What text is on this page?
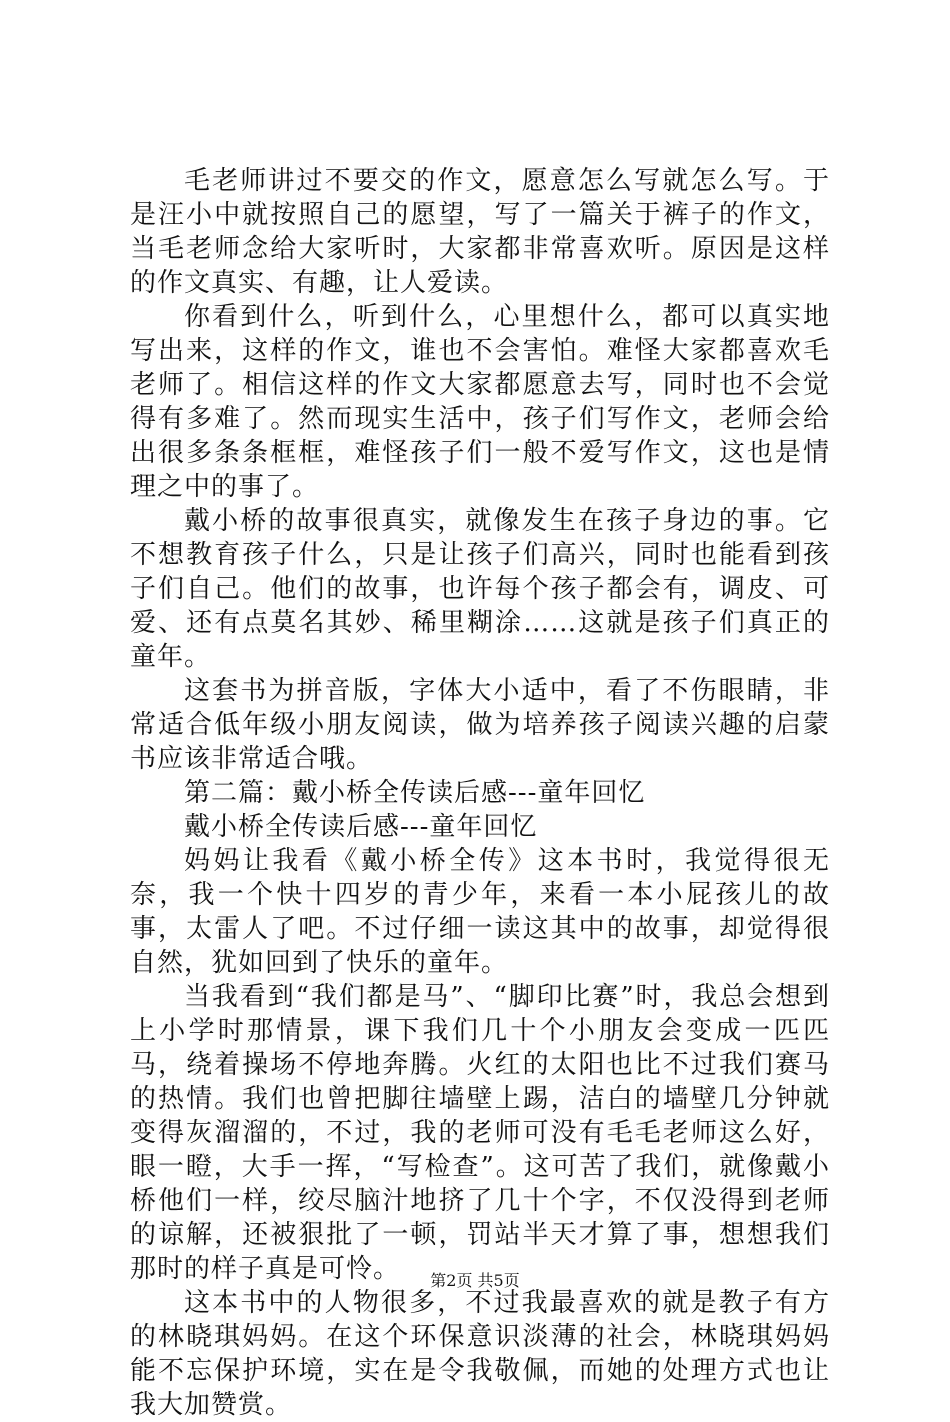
毛老师讲过不要交的作文，愿意怎么写就怎么写。于是汪小中就按照自己的愿望，写了一篇关于裤子的作文，当毛老师念给大家听时，大家都非常喜欢听。原因是这样的作文真实、有趣，让人爱读。

你看到什么，听到什么，心里想什么，都可以真实地写出来，这样的作文，谁也不会害怕。难怪大家都喜欢毛老师了。相信这样的作文大家都愿意去写，同时也不会觉得有多难了。然而现实生活中，孩子们写作文，老师会给出很多条条框框，难怪孩子们一般不爱写作文，这也是情理之中的事了。

戴小桥的故事很真实，就像发生在孩子身边的事。它不想教育孩子什么，只是让孩子们高兴，同时也能看到孩子们自己。他们的故事，也许每个孩子都会有，调皮、可爱、还有点莫名其妙、稀里糊涂……这就是孩子们真正的童年。

这套书为拼音版，字体大小适中，看了不伤眼睛，非常适合低年级小朋友阅读，做为培养孩子阅读兴趣的启蒙书应该非常适合哦。

第二篇：戴小桥全传读后感---童年回忆

戴小桥全传读后感---童年回忆

妈妈让我看《戴小桥全传》这本书时，我觉得很无奈，我一个快十四岁的青少年，来看一本小屁孩儿的故事，太雷人了吧。不过仔细一读这其中的故事，却觉得很自然，犹如回到了快乐的童年。

当我看到“我们都是马”、“脚印比赛”时，我总会想到上小学时那情景，课下我们几十个小朋友会变成一匹匹马，绕着操场不停地奔腾。火红的太阳也比不过我们赛马的热情。我们也曾把脚往墙壁上踢，洁白的墙壁几分钟就变得灰溜溜的，不过，我的老师可没有毛毛老师这么好，眼一瞪，大手一挥，“写检查”。这可苦了我们，就像戴小桥他们一样，绞尽脑汁地挤了几十个字，不仅没得到老师的谅解，还被狠批了一顿，罚站半天才算了事，想想我们那时的样子真是可怜。

这本书中的人物很多，不过我最喜欢的就是教子有方的林晓琪妈妈。在这个环保意识淡薄的社会，林晓琪妈妈能不忘保护环境，实在是令我敬佩，而她的处理方式也让我大加赞赏。

第2页 共5页
